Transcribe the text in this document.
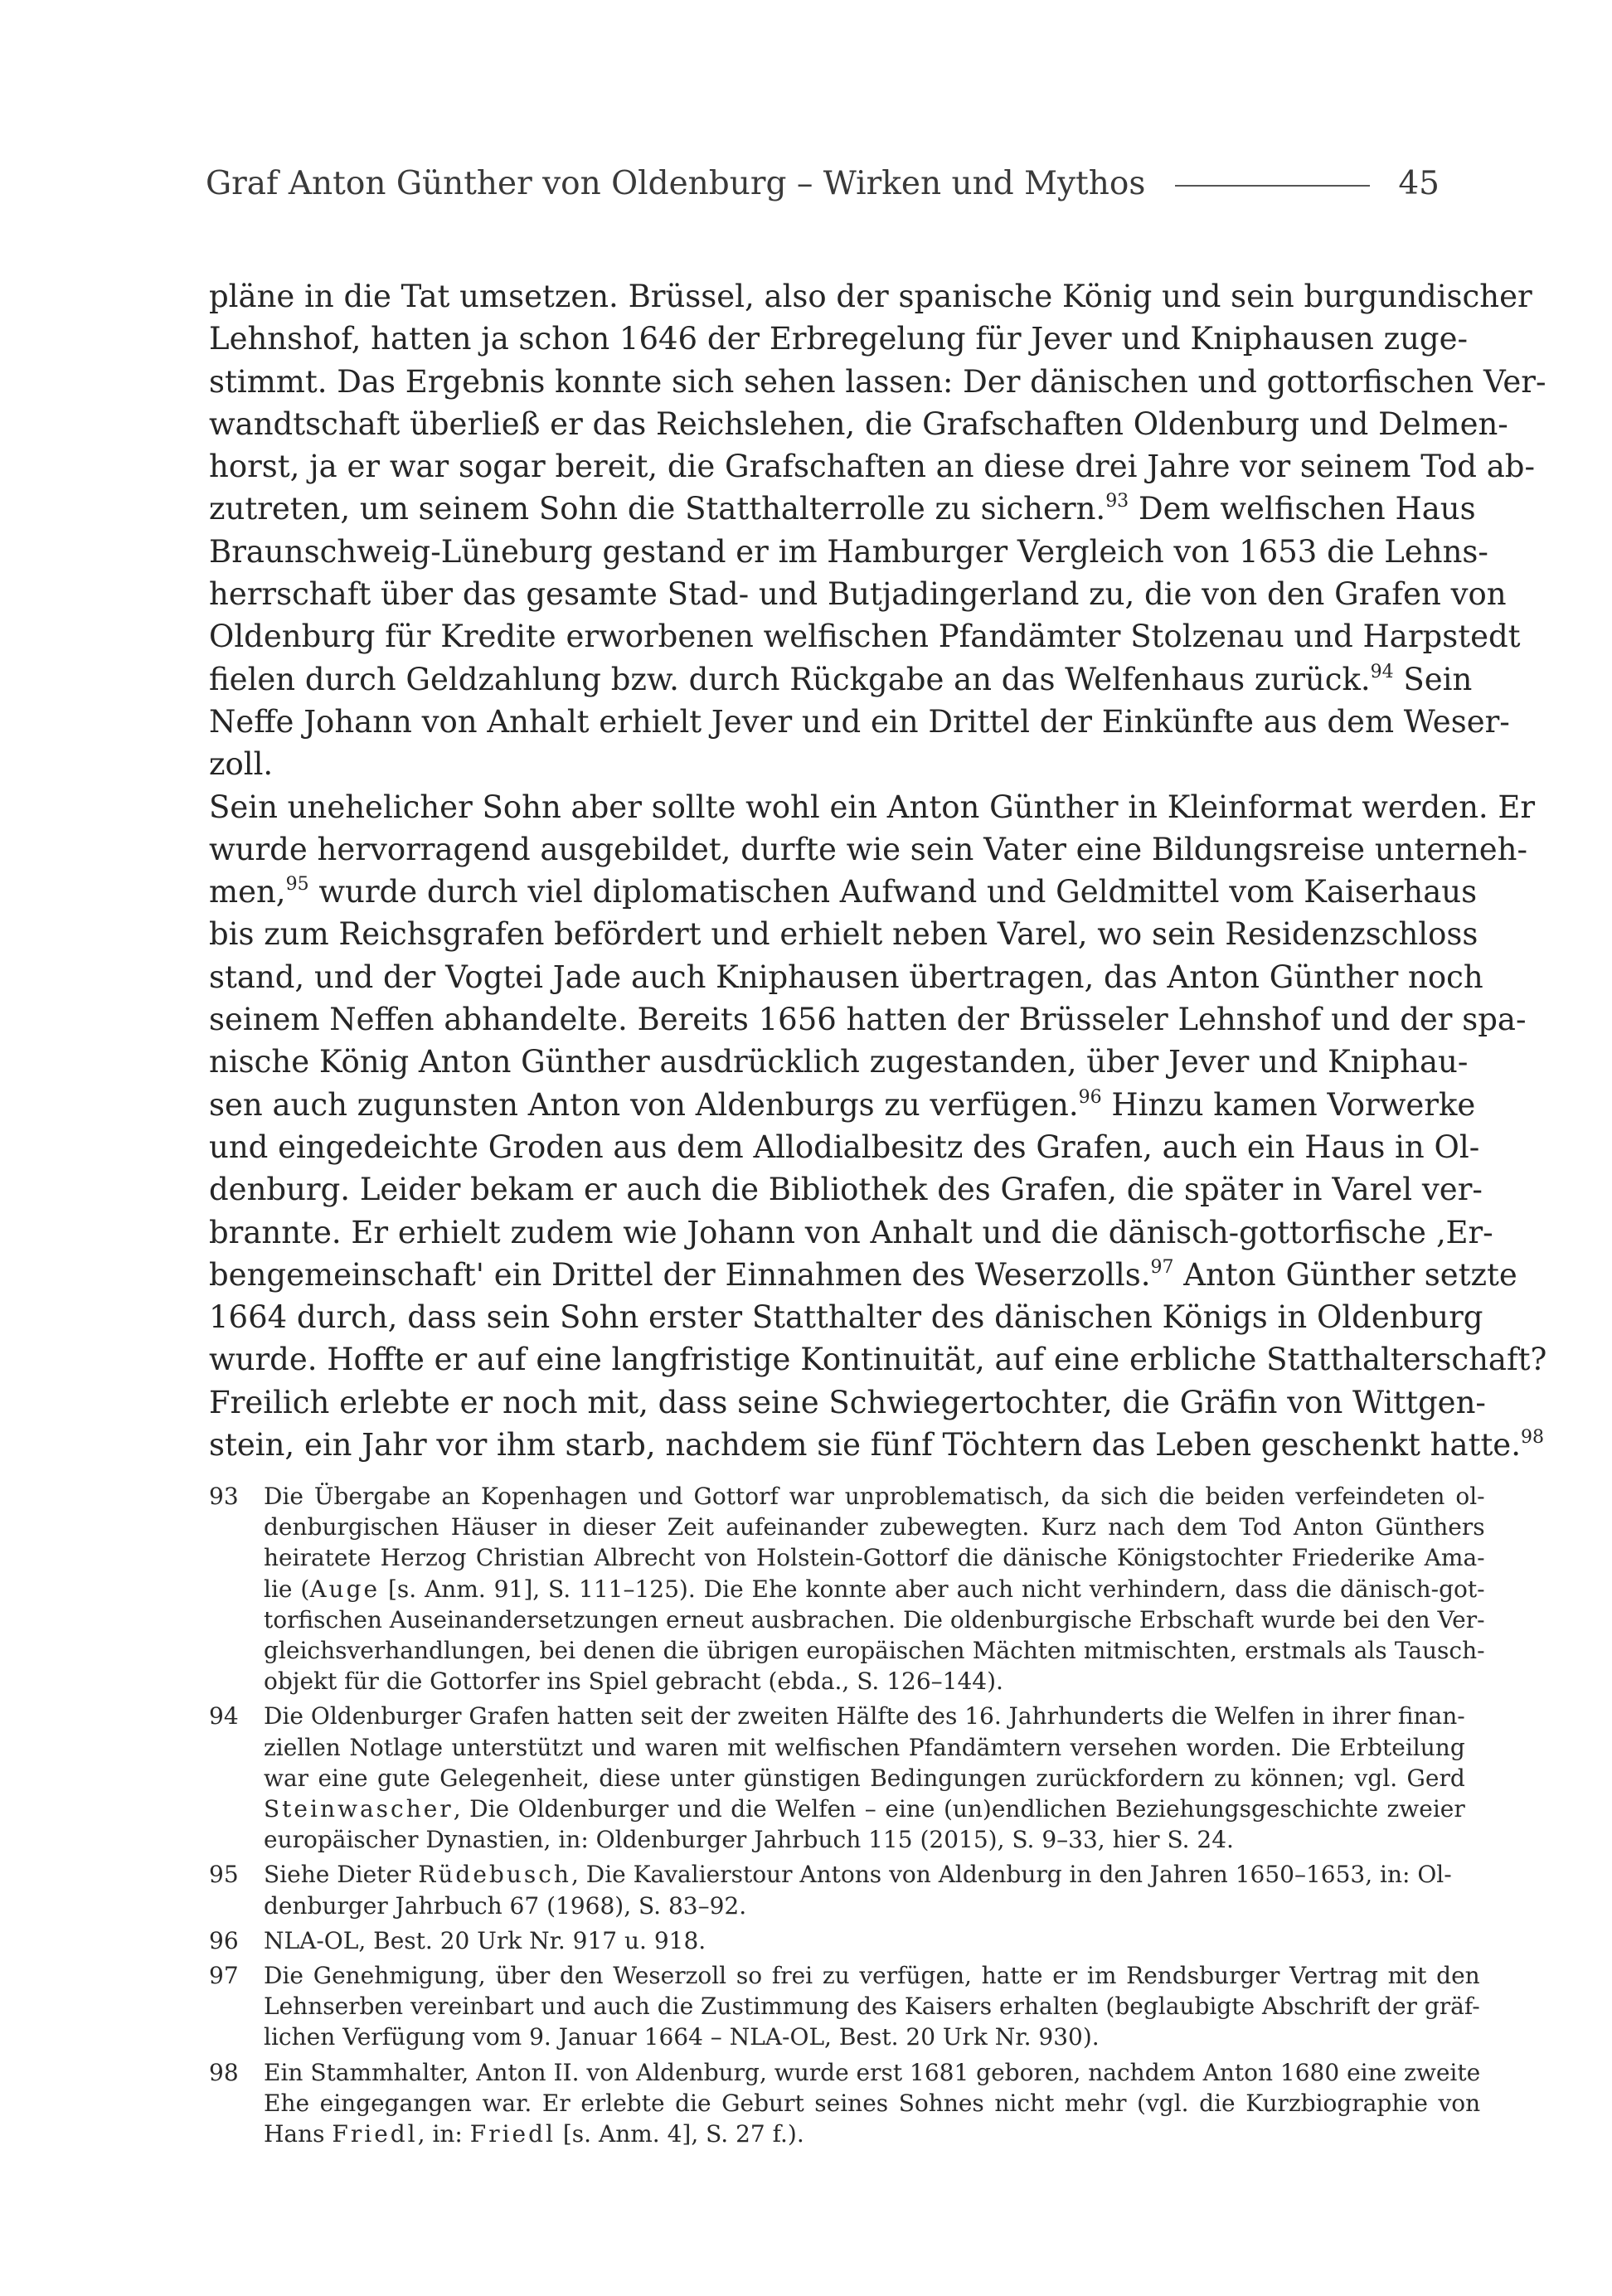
Graf Anton Günther von Oldenburg – Wirken und Mythos	45
pläne in die Tat umsetzen. Brüssel, also der spanische König und sein burgundischer
Lehnshof, hatten ja schon 1646 der Erbregelung für Jever und Kniphausen zuge-
stimmt. Das Ergebnis konnte sich sehen lassen: Der dänischen und gottorfischen Ver-
wandtschaft überließ er das Reichslehen, die Grafschaften Oldenburg und Delmen-
horst, ja er war sogar bereit, die Grafschaften an diese drei Jahre vor seinem Tod ab-
zutreten, um seinem Sohn die Statthalterrolle zu sichern.$^{93}$ Dem welfischen Haus
Braunschweig-Lüneburg gestand er im Hamburger Vergleich von 1653 die Lehns-
herrschaft über das gesamte Stad- und Butjadingerland zu, die von den Grafen von
Oldenburg für Kredite erworbenen welfischen Pfandämter Stolzenau und Harpstedt
fielen durch Geldzahlung bzw. durch Rückgabe an das Welfenhaus zurück.$^{94}$ Sein
Neffe Johann von Anhalt erhielt Jever und ein Drittel der Einkünfte aus dem Weser-
zoll.
Sein unehelicher Sohn aber sollte wohl ein Anton Günther in Kleinformat werden. Er
wurde hervorragend ausgebildet, durfte wie sein Vater eine Bildungsreise unterneh-
men,$^{95}$ wurde durch viel diplomatischen Aufwand und Geldmittel vom Kaiserhaus
bis zum Reichsgrafen befördert und erhielt neben Varel, wo sein Residenzschloss
stand, und der Vogtei Jade auch Kniphausen übertragen, das Anton Günther noch
seinem Neffen abhandelte. Bereits 1656 hatten der Brüsseler Lehnshof und der spa-
nische König Anton Günther ausdrücklich zugestanden, über Jever und Kniphau-
sen auch zugunsten Anton von Aldenburgs zu verfügen.$^{96}$ Hinzu kamen Vorwerke
und eingedeichte Groden aus dem Allodialbesitz des Grafen, auch ein Haus in Ol-
denburg. Leider bekam er auch die Bibliothek des Grafen, die später in Varel ver-
brannte. Er erhielt zudem wie Johann von Anhalt und die dänisch-gottorfische ‚Er-
bengemeinschaft' ein Drittel der Einnahmen des Weserzolls.$^{97}$ Anton Günther setzte
1664 durch, dass sein Sohn erster Statthalter des dänischen Königs in Oldenburg
wurde. Hoffte er auf eine langfristige Kontinuität, auf eine erbliche Statthalterschaft?
Freilich erlebte er noch mit, dass seine Schwiegertochter, die Gräfin von Wittgen-
stein, ein Jahr vor ihm starb, nachdem sie fünf Töchtern das Leben geschenkt hatte.$^{98}$
93	Die Übergabe an Kopenhagen und Gottorf war unproblematisch, da sich die beiden verfeindeten ol-
denburgischen Häuser in dieser Zeit aufeinander zubewegten. Kurz nach dem Tod Anton Günthers
heiratete Herzog Christian Albrecht von Holstein-Gottorf die dänische Königstochter Friederike Ama-
lie (Auge [s. Anm. 91], S. 111–125). Die Ehe konnte aber auch nicht verhindern, dass die dänisch-got-
torfischen Auseinandersetzungen erneut ausbrachen. Die oldenburgische Erbschaft wurde bei den Ver-
gleichsverhandlungen, bei denen die übrigen europäischen Mächten mitmischten, erstmals als Tausch-
objekt für die Gottorfer ins Spiel gebracht (ebda., S. 126–144).
94	Die Oldenburger Grafen hatten seit der zweiten Hälfte des 16. Jahrhunderts die Welfen in ihrer finan-
ziellen Notlage unterstützt und waren mit welfischen Pfandämtern versehen worden. Die Erbteilung
war eine gute Gelegenheit, diese unter günstigen Bedingungen zurückfordern zu können; vgl. Gerd
Steinwascher, Die Oldenburger und die Welfen – eine (un)endlichen Beziehungsgeschichte zweier
europäischer Dynastien, in: Oldenburger Jahrbuch 115 (2015), S. 9–33, hier S. 24.
95	Siehe Dieter Rüdebusch, Die Kavalierstour Antons von Aldenburg in den Jahren 1650–1653, in: Ol-
denburger Jahrbuch 67 (1968), S. 83–92.
96	NLA-OL, Best. 20 Urk Nr. 917 u. 918.
97	Die Genehmigung, über den Weserzoll so frei zu verfügen, hatte er im Rendsburger Vertrag mit den
Lehnserben vereinbart und auch die Zustimmung des Kaisers erhalten (beglaubigte Abschrift der gräf-
lichen Verfügung vom 9. Januar 1664 – NLA-OL, Best. 20 Urk Nr. 930).
98	Ein Stammhalter, Anton II. von Aldenburg, wurde erst 1681 geboren, nachdem Anton 1680 eine zweite
Ehe eingegangen war. Er erlebte die Geburt seines Sohnes nicht mehr (vgl. die Kurzbiographie von
Hans Friedl, in: Friedl [s. Anm. 4], S. 27 f.).
